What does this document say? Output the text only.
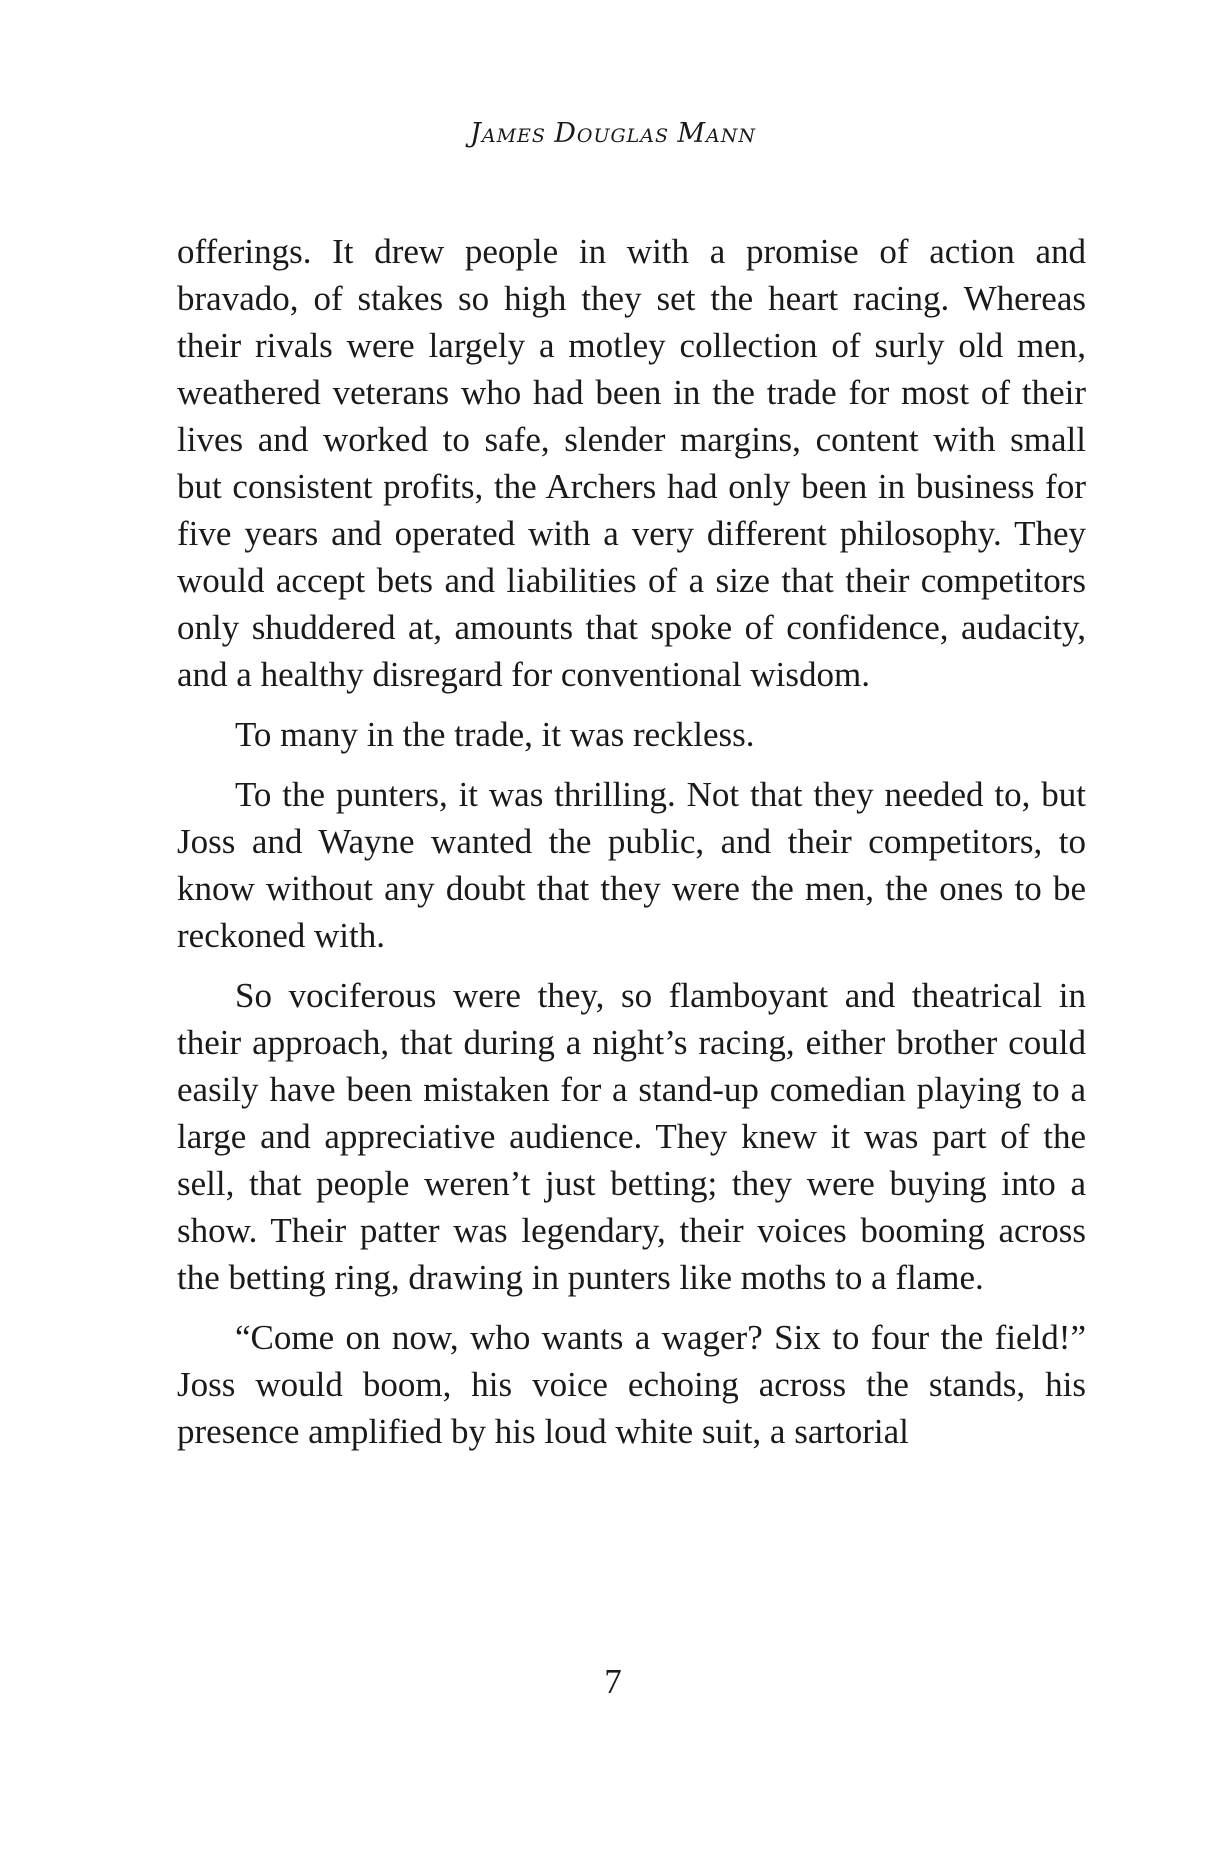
JAMES DOUGLAS MANN

offerings. It drew people in with a promise of action and bravado, of stakes so high they set the heart racing. Whereas their rivals were largely a motley collection of surly old men, weathered veterans who had been in the trade for most of their lives and worked to safe, slender margins, content with small but consistent profits, the Archers had only been in business for five years and operated with a very different philosophy. They would accept bets and liabilities of a size that their competitors only shuddered at, amounts that spoke of confidence, audacity, and a healthy disregard for conventional wisdom.

To many in the trade, it was reckless.

To the punters, it was thrilling. Not that they needed to, but Joss and Wayne wanted the public, and their competitors, to know without any doubt that they were the men, the ones to be reckoned with.

So vociferous were they, so flamboyant and theatrical in their approach, that during a night’s racing, either brother could easily have been mistaken for a stand-up comedian playing to a large and appreciative audience. They knew it was part of the sell, that people weren’t just betting; they were buying into a show. Their patter was legendary, their voices booming across the betting ring, drawing in punters like moths to a flame.

“Come on now, who wants a wager? Six to four the field!” Joss would boom, his voice echoing across the stands, his presence amplified by his loud white suit, a sartorial

7
